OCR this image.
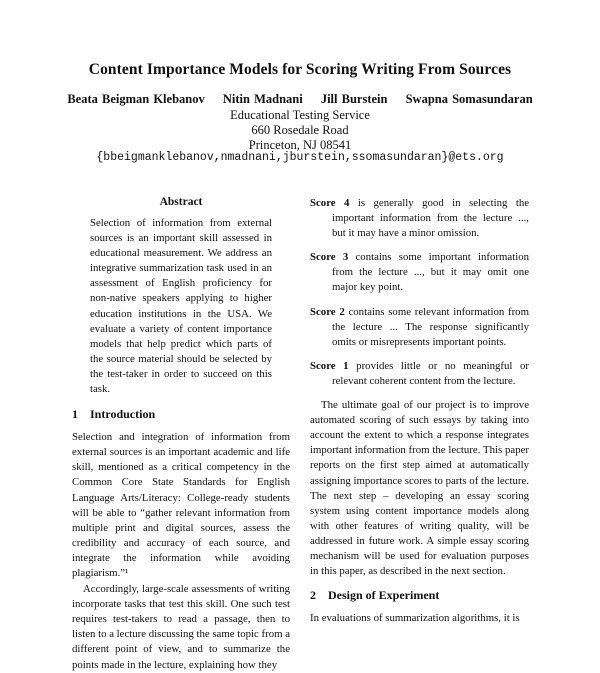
Content Importance Models for Scoring Writing From Sources
Beata Beigman Klebanov Nitin Madnani Jill Burstein Swapna Somasundaran
Educational Testing Service
660 Rosedale Road
Princeton, NJ 08541
{bbeigmanklebanov,nmadnani,jburstein,ssomasundaran}@ets.org
Abstract

Selection of information from external sources is an important skill assessed in educational measurement. We address an integrative summarization task used in an assessment of English proficiency for non-native speakers applying to higher education institutions in the USA. We evaluate a variety of content importance models that help predict which parts of the source material should be selected by the test-taker in order to succeed on this task.

1 Introduction

Selection and integration of information from external sources is an important academic and life skill, mentioned as a critical competency in the Common Core State Standards for English Language Arts/Literacy: College-ready students will be able to “gather relevant information from multiple print and digital sources, assess the credibility and accuracy of each source, and integrate the information while avoiding plagiarism.”¹

Accordingly, large-scale assessments of writing incorporate tasks that test this skill. One such test requires test-takers to read a passage, then to listen to a lecture discussing the same topic from a different point of view, and to summarize the points made in the lecture, explaining how they

Score 4 is generally good in selecting the important information from the lecture ..., but it may have a minor omission.
Score 3 contains some important information from the lecture ..., but it may omit one major key point.
Score 2 contains some relevant information from the lecture ... The response significantly omits or misrepresents important points.
Score 1 provides little or no meaningful or relevant coherent content from the lecture.

The ultimate goal of our project is to improve automated scoring of such essays by taking into account the extent to which a response integrates important information from the lecture. This paper reports on the first step aimed at automatically assigning importance scores to parts of the lecture. The next step – developing an essay scoring system using content importance models along with other features of writing quality, will be addressed in future work. A simple essay scoring mechanism will be used for evaluation purposes in this paper, as described in the next section.

2 Design of Experiment

In evaluations of summarization algorithms, it is
